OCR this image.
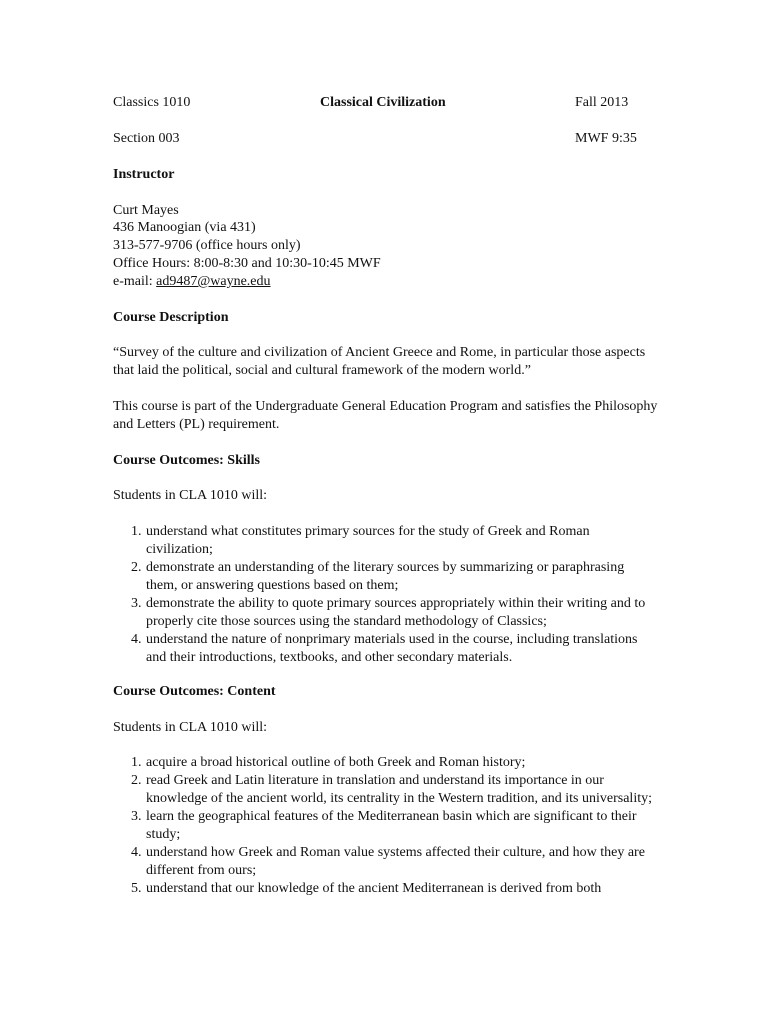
Classics 1010	Classical Civilization	Fall 2013
Section 003	MWF 9:35
Instructor
Curt Mayes
436 Manoogian (via 431)
313-577-9706 (office hours only)
Office Hours: 8:00-8:30 and 10:30-10:45 MWF
e-mail: ad9487@wayne.edu
Course Description
“Survey of the culture and civilization of Ancient Greece and Rome, in particular those aspects that laid the political, social and cultural framework of the modern world.”
This course is part of the Undergraduate General Education Program and satisfies the Philosophy and Letters (PL) requirement.
Course Outcomes: Skills
Students in CLA 1010 will:
1. understand what constitutes primary sources for the study of Greek and Roman civilization;
2. demonstrate an understanding of the literary sources by summarizing or paraphrasing them, or answering questions based on them;
3. demonstrate the ability to quote primary sources appropriately within their writing and to properly cite those sources using the standard methodology of Classics;
4. understand the nature of nonprimary materials used in the course, including translations and their introductions, textbooks, and other secondary materials.
Course Outcomes: Content
Students in CLA 1010 will:
1. acquire a broad historical outline of both Greek and Roman history;
2. read Greek and Latin literature in translation and understand its importance in our knowledge of the ancient world, its centrality in the Western tradition, and its universality;
3. learn the geographical features of the Mediterranean basin which are significant to their study;
4. understand how Greek and Roman value systems affected their culture, and how they are different from ours;
5. understand that our knowledge of the ancient Mediterranean is derived from both
